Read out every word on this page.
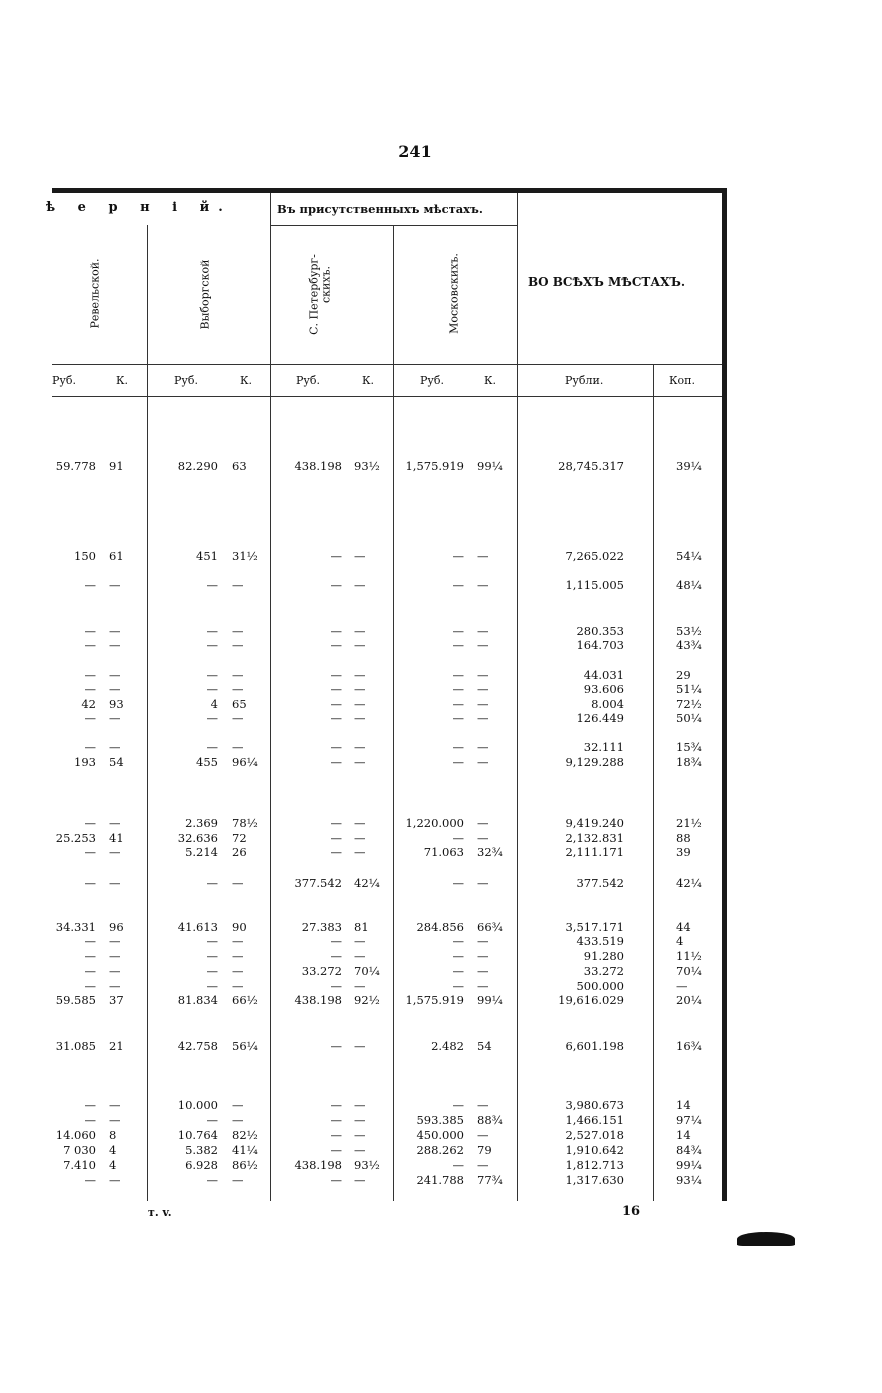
241
ѣ е р н і й.	Въ присутственныхъ мѣстахъ.
ВО ВСѢХЪ МѢСТАХЪ.
Ревельской.	Выборгской	С. Петербург- скихъ.	Московскихъ.
Руб.	К.	Руб.	К.	Руб.	К.	Руб.	К.	Рубли.	Коп.
59.778 91	82.290 63	438.198 93½	1,575.919 99¼	28,745.317	39¼
150 61	451 31½	— —	— —	7,265.022	54¼
— —	— —	— —	— —	1,115.005	48¼
— —	— —	— —	— —	280.353	53½
— —	— —	— —	— —	164.703	43¾
— —	— —	— —	— —	44.031	29
— —	— —	— —	— —	93.606	51¼
42 93	4 65	— —	— —	8.004	72½
— —	— —	— —	— —	126.449	50¼
— —	— —	— —	— —	32.111	15¾
193 54	455 96¼	— —	— —	9,129.288	18¾
— —	2.369 78½	— —	1,220.000 —	9,419.240	21½
25.253 41	32.636 72	— —	— —	2,132.831	88
— —	5.214 26	— —	71.063 32¾	2,111.171	39
— —	— —	377.542 42¼	— —	377.542	42¼
34.331 96	41.613 90	27.383 81	284.856 66¾	3,517.171	44
— —	— —	— —	— —	433.519	4
— —	— —	— —	— —	91.280	11½
— —	— —	33.272 70¼	— —	33.272	70¼
— —	— —	— —	— —	500.000	—
59.585 37	81.834 66½	438.198 92½	1,575.919 99¼	19,616.029	20¼
31.085 21	42.758 56¼	— —	2.482 54	6,601.198	16¾
— —	10.000 —	— —	— —	3,980.673	14
— —	— —	— —	593.385 88¾	1,466.151	97¼
14.060 8	10.764 82½	— —	450.000 —	2,527.018	14
7 030 4	5.382 41¼	— —	288.262 79	1,910.642	84¾
7.410 4	6.928 86½	438.198 93½	— —	1,812.713	99¼
— —	— —	— —	241.788 77¾	1,317.630	93¼
т. v.	16
